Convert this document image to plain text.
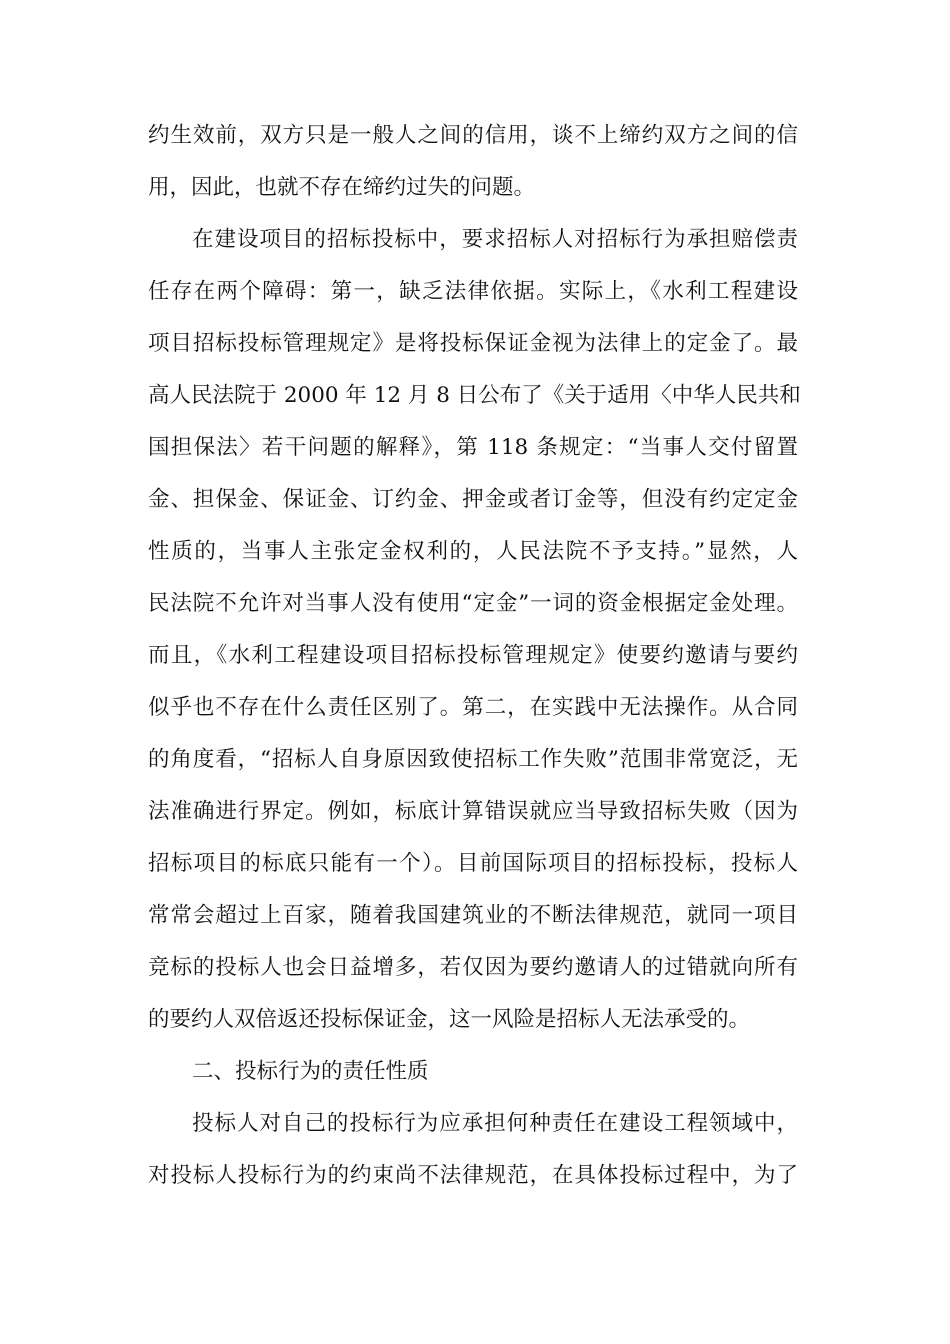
约生效前，双方只是一般人之间的信用，谈不上缔约双方之间的信
用，因此，也就不存在缔约过失的问题。
在建设项目的招标投标中，要求招标人对招标行为承担赔偿责
任存在两个障碍：第一，缺乏法律依据。实际上，《水利工程建设
项目招标投标管理规定》是将投标保证金视为法律上的定金了。最
高人民法院于 2000 年 12 月 8 日公布了《关于适用〈中华人民共和
国担保法〉若干问题的解释》，第 118 条规定：“当事人交付留置
金、担保金、保证金、订约金、押金或者订金等，但没有约定定金
性质的，当事人主张定金权利的，人民法院不予支持。”显然，人
民法院不允许对当事人没有使用“定金”一词的资金根据定金处理。
而且，《水利工程建设项目招标投标管理规定》使要约邀请与要约
似乎也不存在什么责任区别了。第二，在实践中无法操作。从合同
的角度看，“招标人自身原因致使招标工作失败”范围非常宽泛，无
法准确进行界定。例如，标底计算错误就应当导致招标失败（因为
招标项目的标底只能有一个）。目前国际项目的招标投标，投标人
常常会超过上百家，随着我国建筑业的不断法律规范，就同一项目
竞标的投标人也会日益增多，若仅因为要约邀请人的过错就向所有
的要约人双倍返还投标保证金，这一风险是招标人无法承受的。
二、投标行为的责任性质
投标人对自己的投标行为应承担何种责任在建设工程领域中，
对投标人投标行为的约束尚不法律规范，在具体投标过程中，为了
